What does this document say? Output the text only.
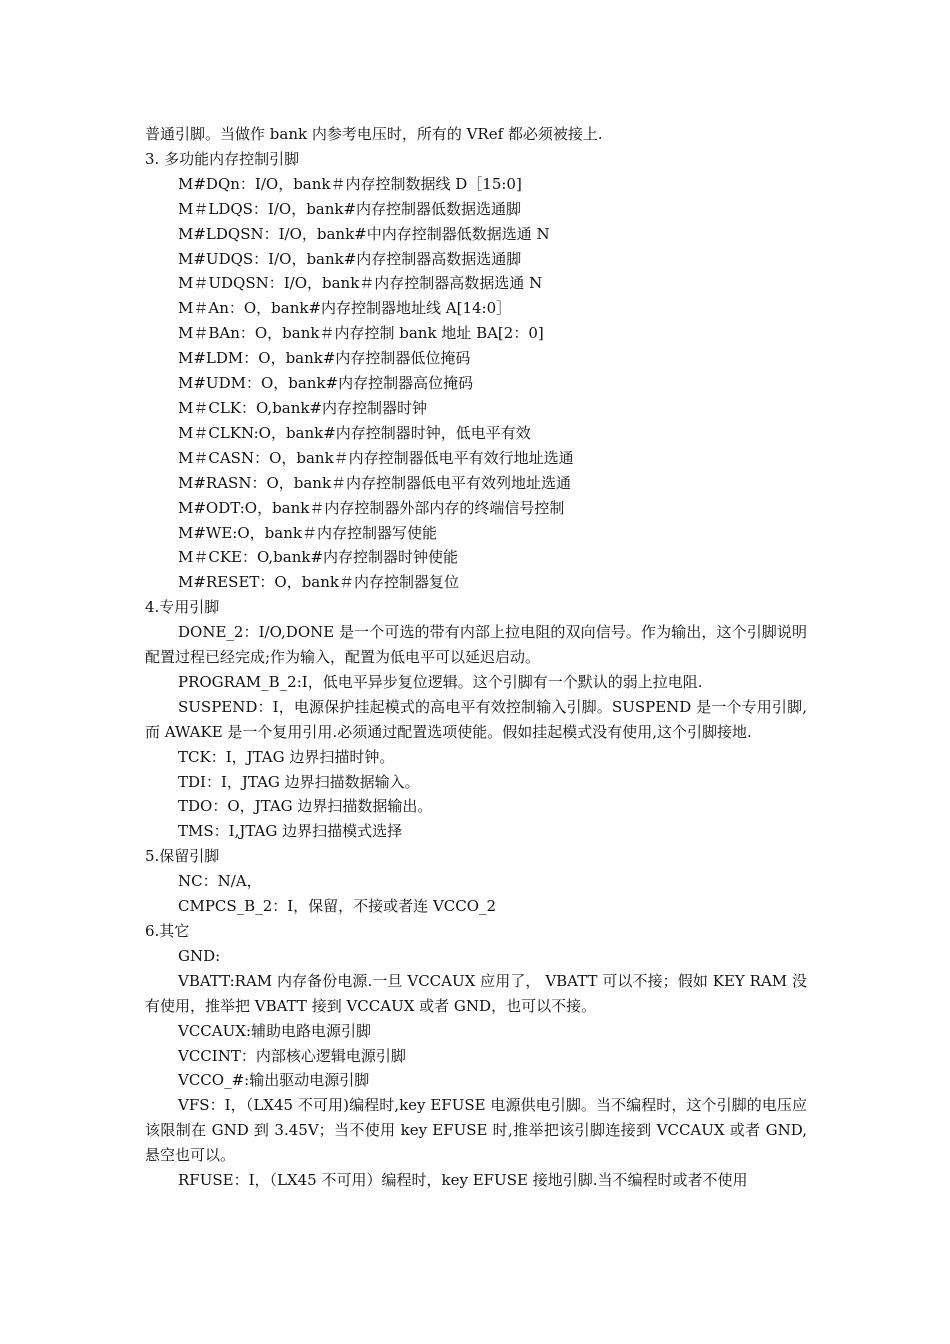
普通引脚。当做作 bank 内参考电压时，所有的 VRef 都必须被接上.
3. 多功能内存控制引脚
M#DQn：I/O，bank＃内存控制数据线 D［15:0]
M＃LDQS：I/O，bank#内存控制器低数据选通脚
M#LDQSN：I/O，bank#中内存控制器低数据选通 N
M#UDQS：I/O，bank#内存控制器高数据选通脚
M＃UDQSN：I/O，bank＃内存控制器高数据选通 N
M＃An：O，bank#内存控制器地址线 A[14:0］
M＃BAn：O，bank＃内存控制 bank 地址 BA[2：0]
M#LDM：O，bank#内存控制器低位掩码
M#UDM：O，bank#内存控制器高位掩码
M＃CLK：O,bank#内存控制器时钟
M＃CLKN:O，bank#内存控制器时钟，低电平有效
M＃CASN：O，bank＃内存控制器低电平有效行地址选通
M#RASN：O，bank＃内存控制器低电平有效列地址选通
M#ODT:O，bank＃内存控制器外部内存的终端信号控制
M#WE:O，bank＃内存控制器写使能
M＃CKE：O,bank#内存控制器时钟使能
M#RESET：O，bank＃内存控制器复位
4.专用引脚
DONE_2：I/O,DONE 是一个可选的带有内部上拉电阻的双向信号。作为输出，这个引脚说明配置过程已经完成;作为输入，配置为低电平可以延迟启动。
PROGRAM_B_2:I，低电平异步复位逻辑。这个引脚有一个默认的弱上拉电阻.
SUSPEND：I，电源保护挂起模式的高电平有效控制输入引脚。SUSPEND 是一个专用引脚,而 AWAKE 是一个复用引用.必须通过配置选项使能。假如挂起模式没有使用,这个引脚接地.
TCK：I，JTAG 边界扫描时钟。
TDI：I，JTAG 边界扫描数据输入。
TDO：O，JTAG 边界扫描数据输出。
TMS：I,JTAG 边界扫描模式选择
5.保留引脚
NC：N/A，
CMPCS_B_2：I，保留，不接或者连 VCCO_2
6.其它
GND:
VBATT:RAM 内存备份电源.一旦 VCCAUX 应用了， VBATT 可以不接；假如 KEY RAM 没有使用，推举把 VBATT 接到 VCCAUX 或者 GND，也可以不接。
VCCAUX:辅助电路电源引脚
VCCINT：内部核心逻辑电源引脚
VCCO_#:输出驱动电源引脚
VFS：I，（LX45 不可用)编程时,key EFUSE 电源供电引脚。当不编程时，这个引脚的电压应该限制在 GND 到 3.45V；当不使用 key EFUSE 时,推举把该引脚连接到 VCCAUX 或者 GND,悬空也可以。
RFUSE：I，（LX45 不可用）编程时，key EFUSE 接地引脚.当不编程时或者不使用
